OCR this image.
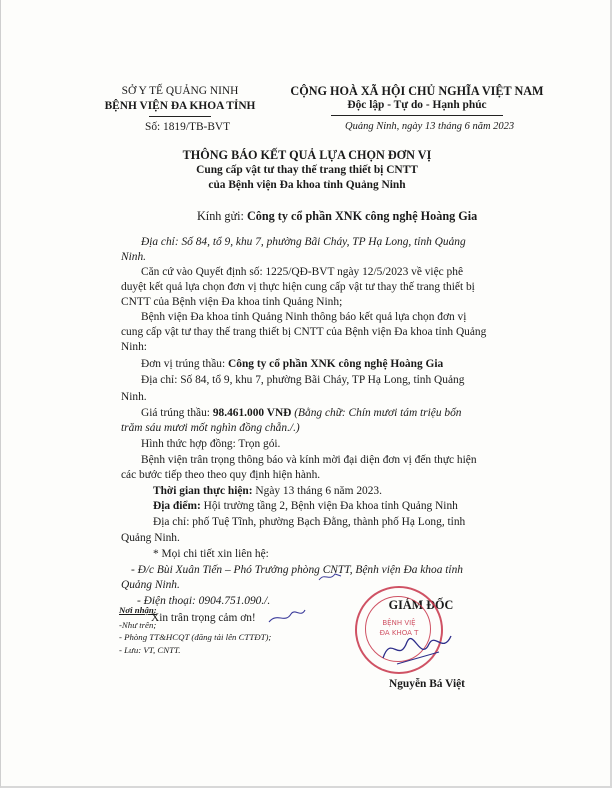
SỞ Y TẾ QUẢNG NINH
BỆNH VIỆN ĐA KHOA TỈNH
Số: 1819/TB-BVT
CỘNG HOÀ XÃ HỘI CHỦ NGHĨA VIỆT NAM
Độc lập - Tự do - Hạnh phúc
Quảng Ninh, ngày 13 tháng 6 năm 2023
THÔNG BÁO KẾT QUẢ LỰA CHỌN ĐƠN VỊ
Cung cấp vật tư thay thế trang thiết bị CNTT
của Bệnh viện Đa khoa tỉnh Quảng Ninh
Kính gửi: Công ty cổ phần XNK công nghệ Hoàng Gia
Địa chỉ: Số 84, tổ 9, khu 7, phường Bãi Cháy, TP Hạ Long, tỉnh Quảng
Ninh.
Căn cứ vào Quyết định số: 1225/QĐ-BVT ngày 12/5/2023 về việc phê
duyệt kết quả lựa chọn đơn vị thực hiện cung cấp vật tư thay thế trang thiết bị
CNTT của Bệnh viện Đa khoa tỉnh Quảng Ninh;
Bệnh viện Đa khoa tỉnh Quảng Ninh thông báo kết quả lựa chọn đơn vị
cung cấp vật tư thay thế trang thiết bị CNTT của Bệnh viện Đa khoa tỉnh Quảng
Ninh:
Đơn vị trúng thầu: Công ty cổ phần XNK công nghệ Hoàng Gia
Địa chỉ: Số 84, tổ 9, khu 7, phường Bãi Cháy, TP Hạ Long, tỉnh Quảng
Ninh.
Giá trúng thầu: 98.461.000 VNĐ (Bằng chữ: Chín mươi tám triệu bốn
trăm sáu mươi mốt nghìn đồng chẵn./.)
Hình thức hợp đồng: Trọn gói.
Bệnh viện trân trọng thông báo và kính mời đại diện đơn vị đến thực hiện
các bước tiếp theo theo quy định hiện hành.
Thời gian thực hiện: Ngày 13 tháng 6 năm 2023.
Địa điểm: Hội trường tầng 2, Bệnh viện Đa khoa tỉnh Quảng Ninh
Địa chỉ: phố Tuệ Tĩnh, phường Bạch Đằng, thành phố Hạ Long, tỉnh
Quảng Ninh.
* Mọi chi tiết xin liên hệ:
- Đ/c Bùi Xuân Tiến – Phó Trưởng phòng CNTT, Bệnh viện Đa khoa tỉnh
Quảng Ninh.
- Điện thoại: 0904.751.090./.
Xin trân trọng cảm ơn!
Nơi nhận:
-Như trên;
- Phòng TT&HCQT (đăng tải lên CTTĐT);
- Lưu: VT, CNTT.
GIÁM ĐỐC
BỆNH VIỆ
ĐA KHOA T
Nguyễn Bá Việt
